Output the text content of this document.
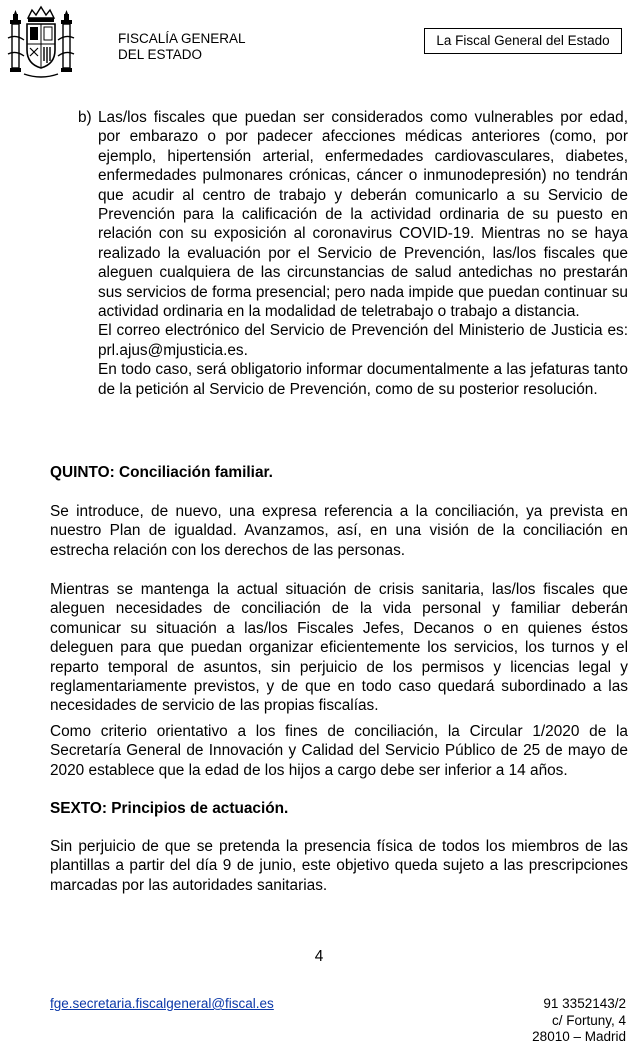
FISCALÍA GENERAL
DEL ESTADO
La Fiscal General del Estado
b) Las/los fiscales que puedan ser considerados como vulnerables por edad, por embarazo o por padecer afecciones médicas anteriores (como, por ejemplo, hipertensión arterial, enfermedades cardiovasculares, diabetes, enfermedades pulmonares crónicas, cáncer o inmunodepresión) no tendrán que acudir al centro de trabajo y deberán comunicarlo a su Servicio de Prevención para la calificación de la actividad ordinaria de su puesto en relación con su exposición al coronavirus COVID-19. Mientras no se haya realizado la evaluación por el Servicio de Prevención, las/los fiscales que aleguen cualquiera de las circunstancias de salud antedichas no prestarán sus servicios de forma presencial; pero nada impide que puedan continuar su actividad ordinaria en la modalidad de teletrabajo o trabajo a distancia.

El correo electrónico del Servicio de Prevención del Ministerio de Justicia es: prl.ajus@mjusticia.es.

En todo caso, será obligatorio informar documentalmente a las jefaturas tanto de la petición al Servicio de Prevención, como de su posterior resolución.

QUINTO: Conciliación familiar.

Se introduce, de nuevo, una expresa referencia a la conciliación, ya prevista en nuestro Plan de igualdad. Avanzamos, así, en una visión de la conciliación en estrecha relación con los derechos de las personas.

Mientras se mantenga la actual situación de crisis sanitaria, las/los fiscales que aleguen necesidades de conciliación de la vida personal y familiar deberán comunicar su situación a las/los Fiscales Jefes, Decanos o en quienes éstos deleguen para que puedan organizar eficientemente los servicios, los turnos y el reparto temporal de asuntos, sin perjuicio de los permisos y licencias legal y reglamentariamente previstos, y de que en todo caso quedará subordinado a las necesidades de servicio de las propias fiscalías.

Como criterio orientativo a los fines de conciliación, la Circular 1/2020 de la Secretaría General de Innovación y Calidad del Servicio Público de 25 de mayo de 2020 establece que la edad de los hijos a cargo debe ser inferior a 14 años.

SEXTO: Principios de actuación.

Sin perjuicio de que se pretenda la presencia física de todos los miembros de las plantillas a partir del día 9 de junio, este objetivo queda sujeto a las prescripciones marcadas por las autoridades sanitarias.

4
fge.secretaria.fiscalgeneral@fiscal.es	91 3352143/2
c/ Fortuny, 4
28010 – Madrid
